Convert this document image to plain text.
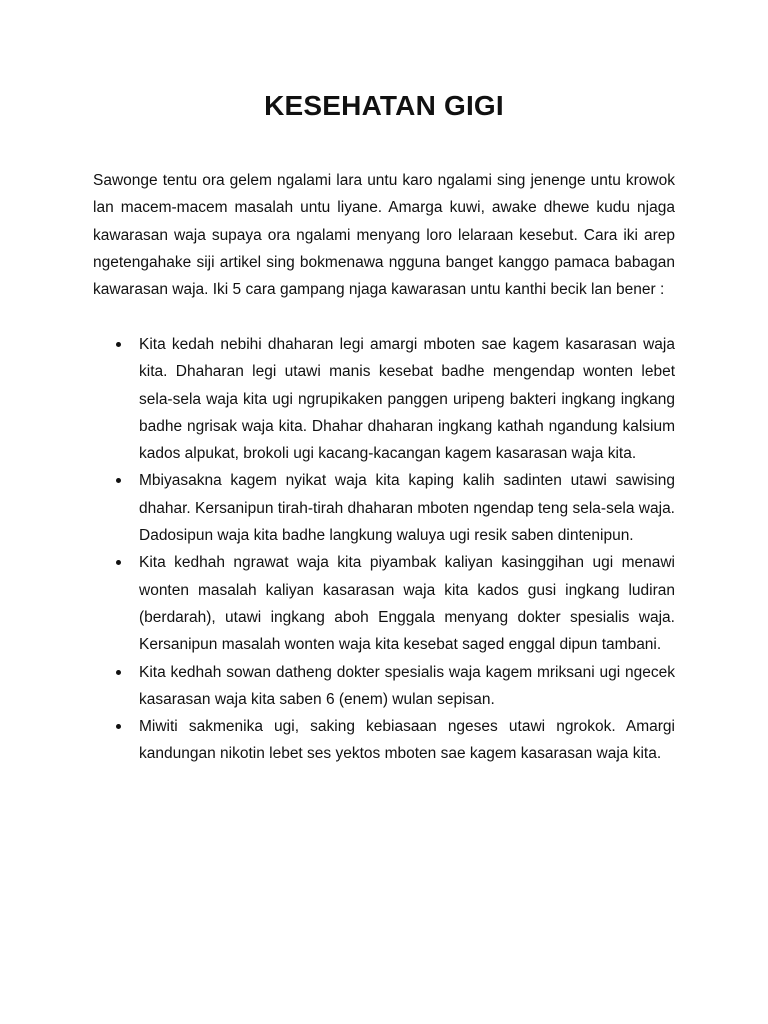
KESEHATAN GIGI

Sawonge tentu ora gelem ngalami lara untu karo ngalami sing jenenge untu krowok lan macem-macem masalah untu liyane. Amarga kuwi, awake dhewe kudu njaga kawarasan waja supaya ora ngalami menyang loro lelaraan kesebut. Cara iki arep ngetengahake siji artikel sing bokmenawa ngguna banget kanggo pamaca babagan kawarasan waja. Iki 5 cara gampang njaga kawarasan untu kanthi becik lan bener :

Kita kedah nebihi dhaharan legi amargi mboten sae kagem kasarasan waja kita. Dhaharan legi utawi manis kesebat badhe mengendap wonten lebet sela-sela waja kita ugi ngrupikaken panggen uripeng bakteri ingkang ingkang badhe ngrisak waja kita. Dhahar dhaharan ingkang kathah ngandung kalsium kados alpukat, brokoli ugi kacang-kacangan kagem kasarasan waja kita.
Mbiyasakna kagem nyikat waja kita kaping kalih sadinten utawi sawising dhahar. Kersanipun tirah-tirah dhaharan mboten ngendap teng sela-sela waja. Dadosipun waja kita badhe langkung waluya ugi resik saben dintenipun.
Kita kedhah ngrawat waja kita piyambak kaliyan kasinggihan ugi menawi wonten masalah kaliyan kasarasan waja kita kados gusi ingkang ludiran (berdarah), utawi ingkang aboh Enggala menyang dokter spesialis waja. Kersanipun masalah wonten waja kita kesebat saged enggal dipun tambani.
Kita kedhah sowan datheng dokter spesialis waja kagem mriksani ugi ngecek kasarasan waja kita saben 6 (enem) wulan sepisan.
Miwiti sakmenika ugi, saking kebiasaan ngeses utawi ngrokok. Amargi kandungan nikotin lebet ses yektos mboten sae kagem kasarasan waja kita.
